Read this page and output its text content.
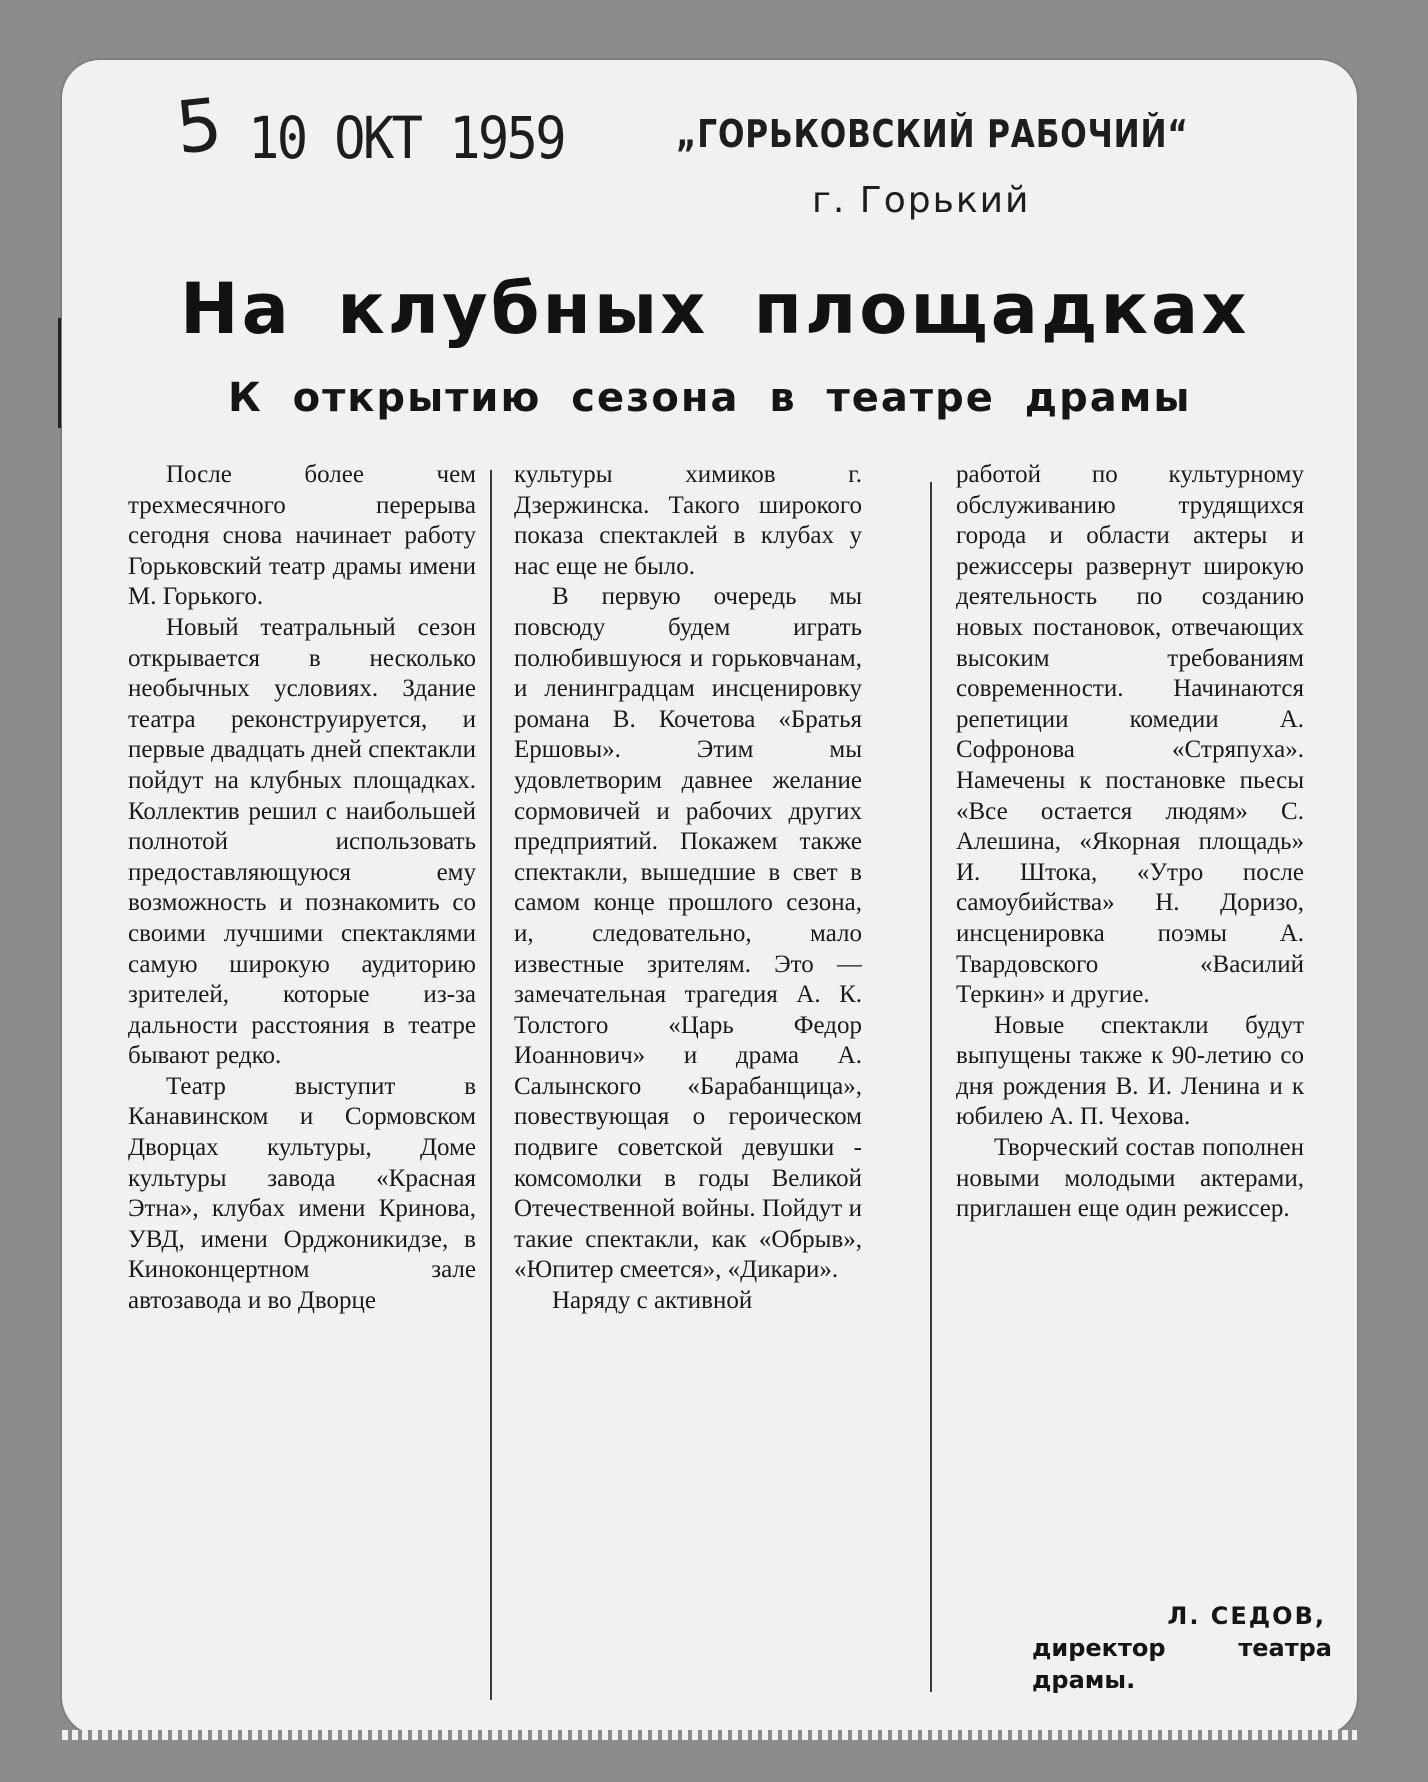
5 10 ОКТ 1959	„ГОРЬКОВСКИЙ РАБОЧИЙ“
г. Горький
На клубных площадках
К открытию сезона в театре драмы

После более чем трехмесячного перерыва сегодня снова начинает работу Горьковский театр драмы имени М. Горького.

Новый театральный сезон открывается в несколько необычных условиях. Здание театра реконструируется, и первые двадцать дней спектакли пойдут на клубных площадках. Коллектив решил с наибольшей полнотой использовать предоставляющуюся ему возможность и познакомить со своими лучшими спектаклями самую широкую аудиторию зрителей, которые из-за дальности расстояния в театре бывают редко.

Театр выступит в Канавинском и Сормовском Дворцах культуры, Доме культуры завода «Красная Этна», клубах имени Кринова, УВД, имени Орджоникидзе, в Киноконцертном зале автозавода и во Дворце

культуры химиков г. Дзержинска. Такого широкого показа спектаклей в клубах у нас еще не было.

В первую очередь мы повсюду будем играть полюбившуюся и горьковчанам, и ленинградцам инсценировку романа В. Кочетова «Братья Ершовы». Этим мы удовлетворим давнее желание сормовичей и рабочих других предприятий. Покажем также спектакли, вышедшие в свет в самом конце прошлого сезона, и, следовательно, мало известные зрителям. Это — замечательная трагедия А. К. Толстого «Царь Федор Иоаннович» и драма А. Салынского «Барабанщица», повествующая о героическом подвиге советской девушки - комсомолки в годы Великой Отечественной войны. Пойдут и такие спектакли, как «Обрыв», «Юпитер смеется», «Дикари».

Наряду с активной

работой по культурному обслуживанию трудящихся города и области актеры и режиссеры развернут широкую деятельность по созданию новых постановок, отвечающих высоким требованиям современности. Начинаются репетиции комедии А. Софронова «Стряпуха». Намечены к постановке пьесы «Все остается людям» С. Алешина, «Якорная площадь» И. Штока, «Утро после самоубийства» Н. Доризо, инсценировка поэмы А. Твардовского «Василий Теркин» и другие.

Новые спектакли будут выпущены также к 90-летию со дня рождения В. И. Ленина и к юбилею А. П. Чехова.

Творческий состав пополнен новыми молодыми актерами, приглашен еще один режиссер.

Л. СЕДОВ,
директор театра
драмы.
